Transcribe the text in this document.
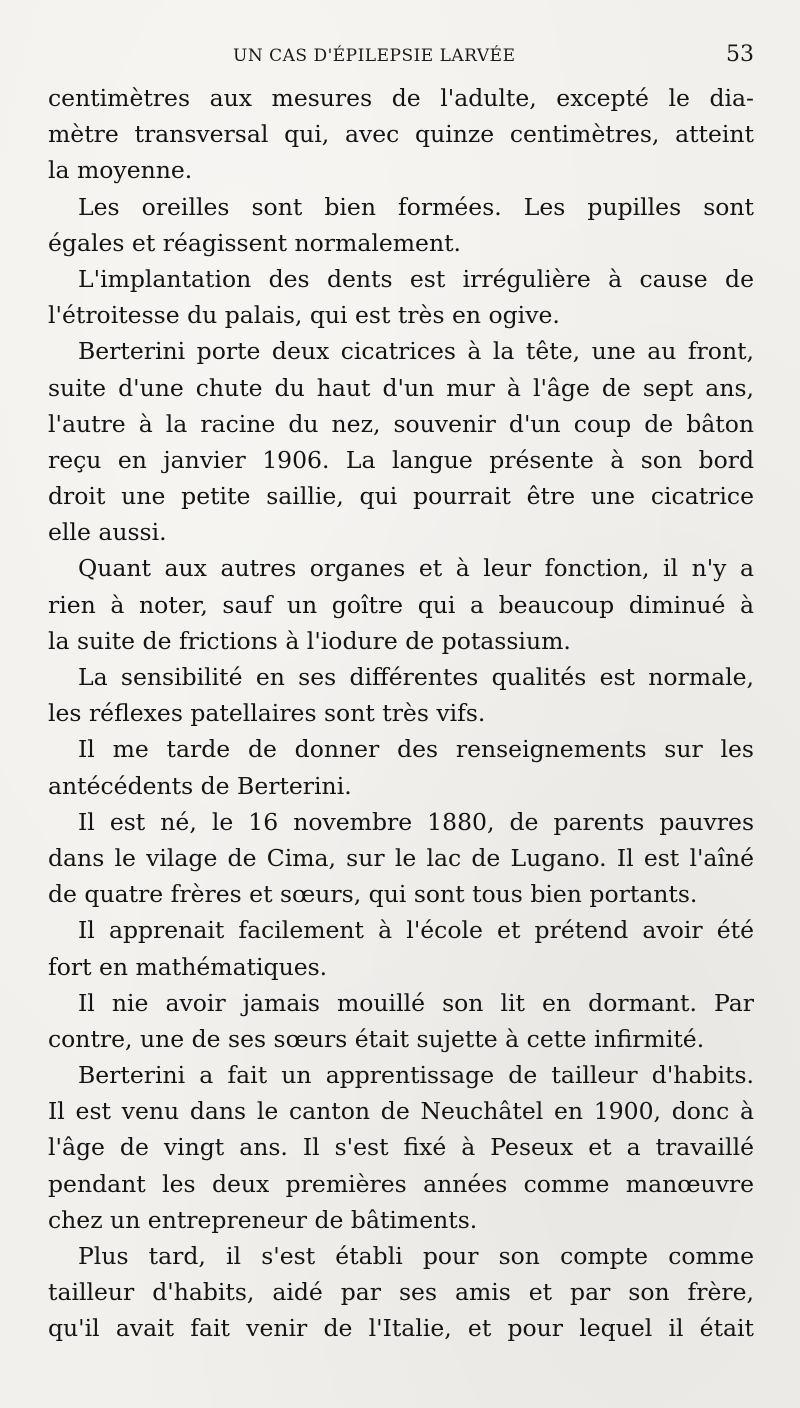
UN CAS D'ÉPILEPSIE LARVÉE	53
centimètres aux mesures de l'adulte, excepté le dia-
mètre transversal qui, avec quinze centimètres, atteint
la moyenne.
Les oreilles sont bien formées. Les pupilles sont
égales et réagissent normalement.
L'implantation des dents est irrégulière à cause de
l'étroitesse du palais, qui est très en ogive.
Berterini porte deux cicatrices à la tête, une au front,
suite d'une chute du haut d'un mur à l'âge de sept ans,
l'autre à la racine du nez, souvenir d'un coup de bâton
reçu en janvier 1906. La langue présente à son bord
droit une petite saillie, qui pourrait être une cicatrice
elle aussi.
Quant aux autres organes et à leur fonction, il n'y a
rien à noter, sauf un goître qui a beaucoup diminué à
la suite de frictions à l'iodure de potassium.
La sensibilité en ses différentes qualités est normale,
les réflexes patellaires sont très vifs.
Il me tarde de donner des renseignements sur les
antécédents de Berterini.
Il est né, le 16 novembre 1880, de parents pauvres
dans le vilage de Cima, sur le lac de Lugano. Il est l'aîné
de quatre frères et sœurs, qui sont tous bien portants.
Il apprenait facilement à l'école et prétend avoir été
fort en mathématiques.
Il nie avoir jamais mouillé son lit en dormant. Par
contre, une de ses sœurs était sujette à cette infirmité.
Berterini a fait un apprentissage de tailleur d'habits.
Il est venu dans le canton de Neuchâtel en 1900, donc à
l'âge de vingt ans. Il s'est fixé à Peseux et a travaillé
pendant les deux premières années comme manœuvre
chez un entrepreneur de bâtiments.
Plus tard, il s'est établi pour son compte comme
tailleur d'habits, aidé par ses amis et par son frère,
qu'il avait fait venir de l'Italie, et pour lequel il était
